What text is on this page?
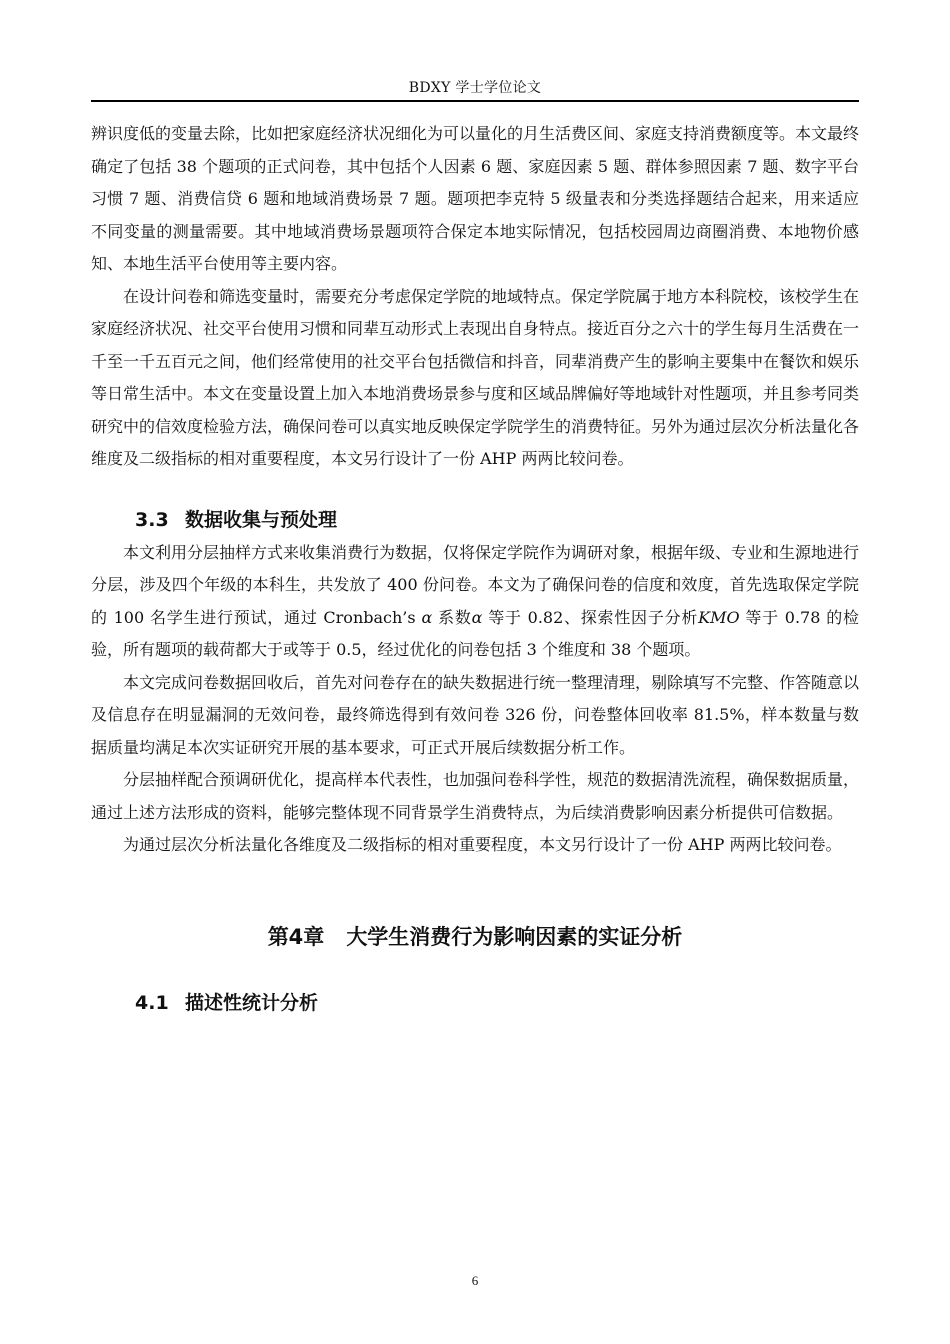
BDXY 学士学位论文

辨识度低的变量去除，比如把家庭经济状况细化为可以量化的月生活费区间、家庭支持消费额度等。本文最终确定了包括 38 个题项的正式问卷，其中包括个人因素 6 题、家庭因素 5 题、群体参照因素 7 题、数字平台习惯 7 题、消费信贷 6 题和地域消费场景 7 题。题项把李克特 5 级量表和分类选择题结合起来，用来适应不同变量的测量需要。其中地域消费场景题项符合保定本地实际情况，包括校园周边商圈消费、本地物价感知、本地生活平台使用等主要内容。

在设计问卷和筛选变量时，需要充分考虑保定学院的地域特点。保定学院属于地方本科院校，该校学生在家庭经济状况、社交平台使用习惯和同辈互动形式上表现出自身特点。接近百分之六十的学生每月生活费在一千至一千五百元之间，他们经常使用的社交平台包括微信和抖音，同辈消费产生的影响主要集中在餐饮和娱乐等日常生活中。本文在变量设置上加入本地消费场景参与度和区域品牌偏好等地域针对性题项，并且参考同类研究中的信效度检验方法，确保问卷可以真实地反映保定学院学生的消费特征。另外为通过层次分析法量化各维度及二级指标的相对重要程度，本文另行设计了一份 AHP 两两比较问卷。

3.3 数据收集与预处理

本文利用分层抽样方式来收集消费行为数据，仅将保定学院作为调研对象，根据年级、专业和生源地进行分层，涉及四个年级的本科生，共发放了 400 份问卷。本文为了确保问卷的信度和效度，首先选取保定学院的 100 名学生进行预试，通过 Cronbach’s α 系数α 等于 0.82、探索性因子分析KMO 等于 0.78 的检验，所有题项的载荷都大于或等于 0.5，经过优化的问卷包括 3 个维度和 38 个题项。

本文完成问卷数据回收后，首先对问卷存在的缺失数据进行统一整理清理，剔除填写不完整、作答随意以及信息存在明显漏洞的无效问卷，最终筛选得到有效问卷 326 份，问卷整体回收率 81.5%，样本数量与数据质量均满足本次实证研究开展的基本要求，可正式开展后续数据分析工作。

分层抽样配合预调研优化，提高样本代表性，也加强问卷科学性，规范的数据清洗流程，确保数据质量，通过上述方法形成的资料，能够完整体现不同背景学生消费特点，为后续消费影响因素分析提供可信数据。

为通过层次分析法量化各维度及二级指标的相对重要程度，本文另行设计了一份 AHP 两两比较问卷。

第4章 大学生消费行为影响因素的实证分析
4.1 描述性统计分析
6
